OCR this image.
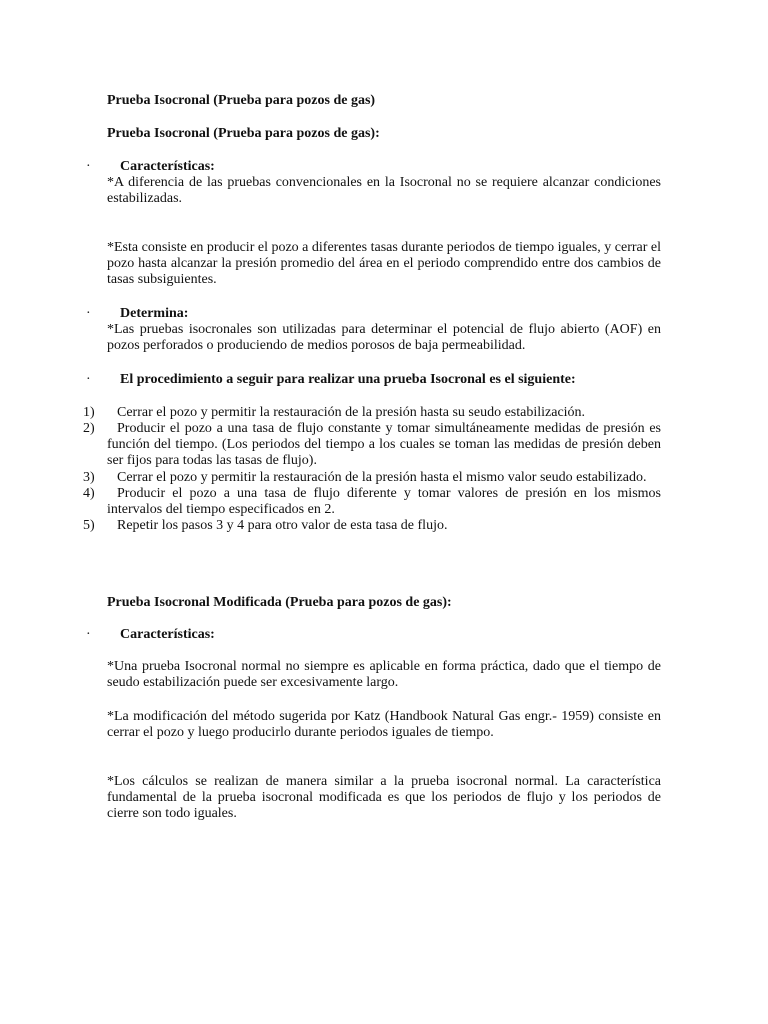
Prueba Isocronal (Prueba para pozos de gas)
Prueba Isocronal (Prueba para pozos de gas):
· Características:
*A diferencia de las pruebas convencionales en la Isocronal no se requiere alcanzar condiciones estabilizadas.
*Esta consiste en producir el pozo a diferentes tasas durante periodos de tiempo iguales, y cerrar el pozo hasta alcanzar la presión promedio del área en el periodo comprendido entre dos cambios de tasas subsiguientes.
· Determina:
*Las pruebas isocronales son utilizadas para determinar el potencial de flujo abierto (AOF) en pozos perforados o produciendo de medios porosos de baja permeabilidad.
· El procedimiento a seguir para realizar una prueba Isocronal es el siguiente:
1)	Cerrar el pozo y permitir la restauración de la presión hasta su seudo estabilización.
2)	Producir el pozo a una tasa de flujo constante y tomar simultáneamente medidas de presión es función del tiempo. (Los periodos del tiempo a los cuales se toman las medidas de presión deben ser fijos para todas las tasas de flujo).
3)	Cerrar el pozo y permitir la restauración de la presión hasta el mismo valor seudo estabilizado.
4)	Producir el pozo a una tasa de flujo diferente y tomar valores de presión en los mismos intervalos del tiempo especificados en 2.
5)	Repetir los pasos 3 y 4 para otro valor de esta tasa de flujo.
Prueba Isocronal Modificada (Prueba para pozos de gas):
· Características:
*Una prueba Isocronal normal no siempre es aplicable en forma práctica, dado que el tiempo de seudo estabilización puede ser excesivamente largo.
*La modificación del método sugerida por Katz (Handbook Natural Gas engr.- 1959) consiste en cerrar el pozo y luego producirlo durante periodos iguales de tiempo.
*Los cálculos se realizan de manera similar a la prueba isocronal normal. La característica fundamental de la prueba isocronal modificada es que los periodos de flujo y los periodos de cierre son todo iguales.
